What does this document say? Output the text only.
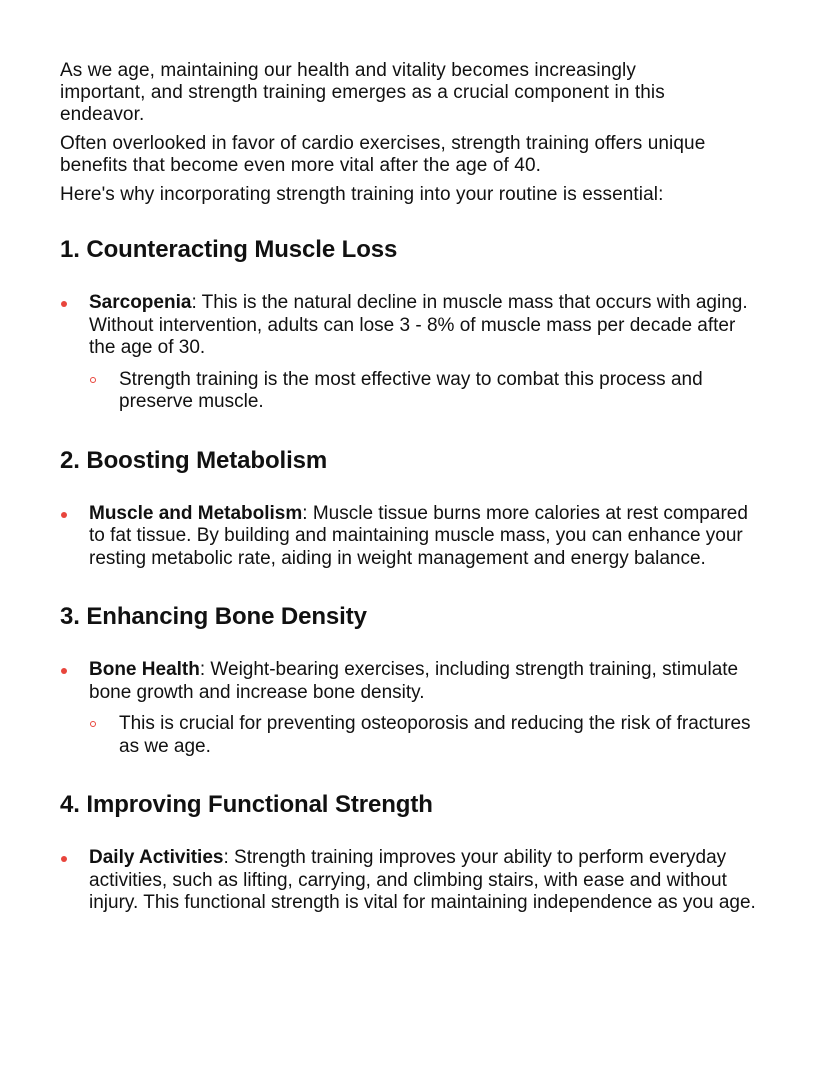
As we age, maintaining our health and vitality becomes increasingly important, and strength training emerges as a crucial component in this endeavor.

Often overlooked in favor of cardio exercises, strength training offers unique benefits that become even more vital after the age of 40.

Here's why incorporating strength training into your routine is essential:

1. Counteracting Muscle Loss

Sarcopenia: This is the natural decline in muscle mass that occurs with aging. Without intervention, adults can lose 3 - 8% of muscle mass per decade after the age of 30.

Strength training is the most effective way to combat this process and preserve muscle.

2. Boosting Metabolism

Muscle and Metabolism: Muscle tissue burns more calories at rest compared to fat tissue. By building and maintaining muscle mass, you can enhance your resting metabolic rate, aiding in weight management and energy balance.

3. Enhancing Bone Density

Bone Health: Weight-bearing exercises, including strength training, stimulate bone growth and increase bone density.

This is crucial for preventing osteoporosis and reducing the risk of fractures as we age.

4. Improving Functional Strength

Daily Activities: Strength training improves your ability to perform everyday activities, such as lifting, carrying, and climbing stairs, with ease and without injury. This functional strength is vital for maintaining independence as you age.
